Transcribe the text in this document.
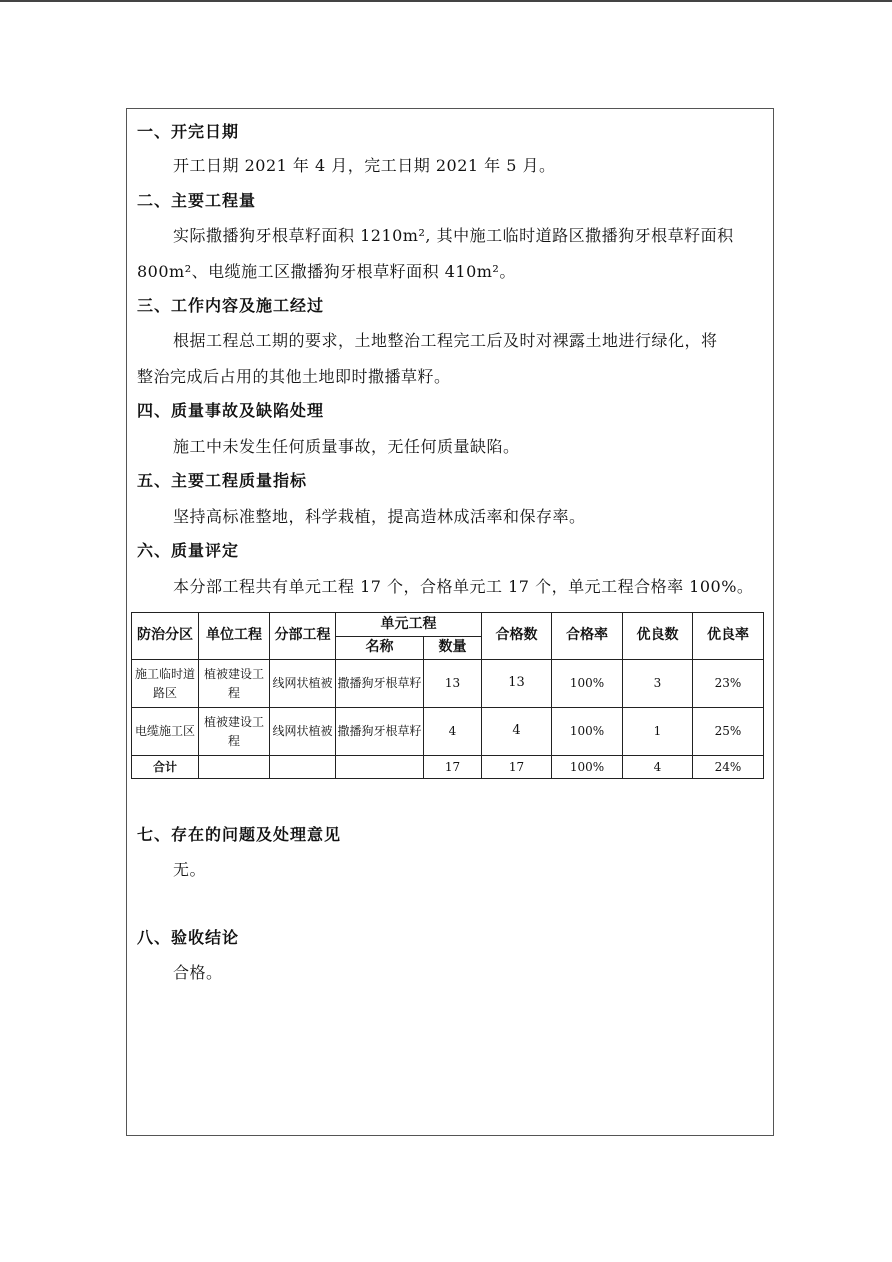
一、开完日期
开工日期 2021 年 4 月，完工日期 2021 年 5 月。
二、主要工程量
实际撒播狗牙根草籽面积 1210m², 其中施工临时道路区撒播狗牙根草籽面积
800m²、电缆施工区撒播狗牙根草籽面积 410m²。
三、工作内容及施工经过
根据工程总工期的要求，土地整治工程完工后及时对裸露土地进行绿化，将
整治完成后占用的其他土地即时撒播草籽。
四、质量事故及缺陷处理
施工中未发生任何质量事故，无任何质量缺陷。
五、主要工程质量指标
坚持高标准整地，科学栽植，提高造林成活率和保存率。
六、质量评定
本分部工程共有单元工程 17 个，合格单元工 17 个，单元工程合格率 100%。
防治分区	单位工程	分部工程	单元工程		合格数	合格率	优良数	优良率
			名称	数量				
施工临时道路区	植被建设工程	线网状植被	撒播狗牙根草籽	13	13	100%	3	23%
电缆施工区	植被建设工程	线网状植被	撒播狗牙根草籽	4	4	100%	1	25%
合计				17	17	100%	4	24%
七、存在的问题及处理意见
无。
八、验收结论
合格。
